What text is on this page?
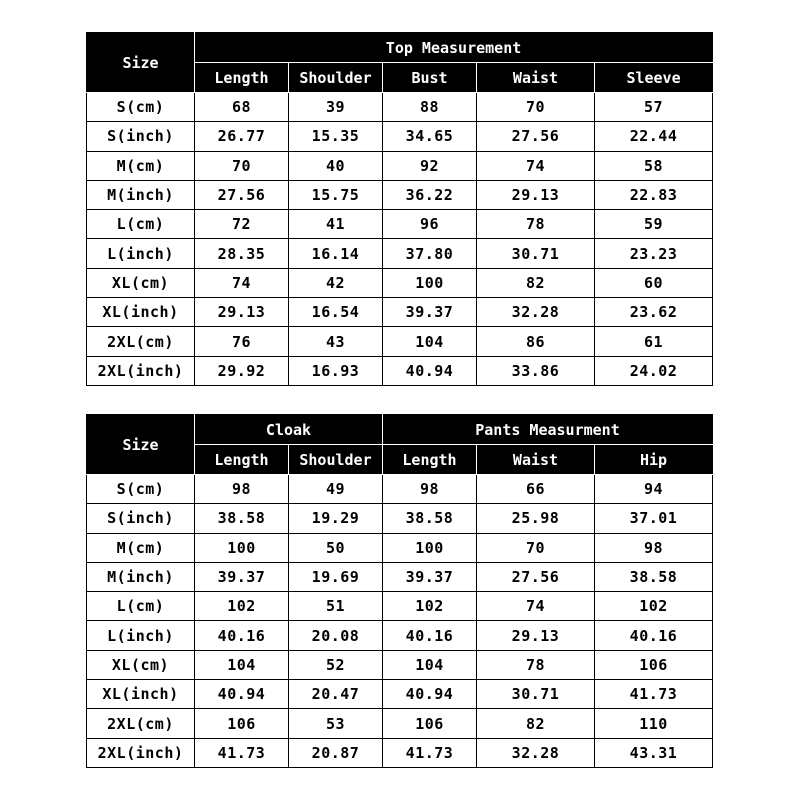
Size	Top Measurement				
	Length	Shoulder	Bust	Waist	Sleeve
S(cm)	68	39	88	70	57
S(inch)	26.77	15.35	34.65	27.56	22.44
M(cm)	70	40	92	74	58
M(inch)	27.56	15.75	36.22	29.13	22.83
L(cm)	72	41	96	78	59
L(inch)	28.35	16.14	37.80	30.71	23.23
XL(cm)	74	42	100	82	60
XL(inch)	29.13	16.54	39.37	32.28	23.62
2XL(cm)	76	43	104	86	61
2XL(inch)	29.92	16.93	40.94	33.86	24.02
Size	Cloak		Pants Measurment		
	Length	Shoulder	Length	Waist	Hip
S(cm)	98	49	98	66	94
S(inch)	38.58	19.29	38.58	25.98	37.01
M(cm)	100	50	100	70	98
M(inch)	39.37	19.69	39.37	27.56	38.58
L(cm)	102	51	102	74	102
L(inch)	40.16	20.08	40.16	29.13	40.16
XL(cm)	104	52	104	78	106
XL(inch)	40.94	20.47	40.94	30.71	41.73
2XL(cm)	106	53	106	82	110
2XL(inch)	41.73	20.87	41.73	32.28	43.31
